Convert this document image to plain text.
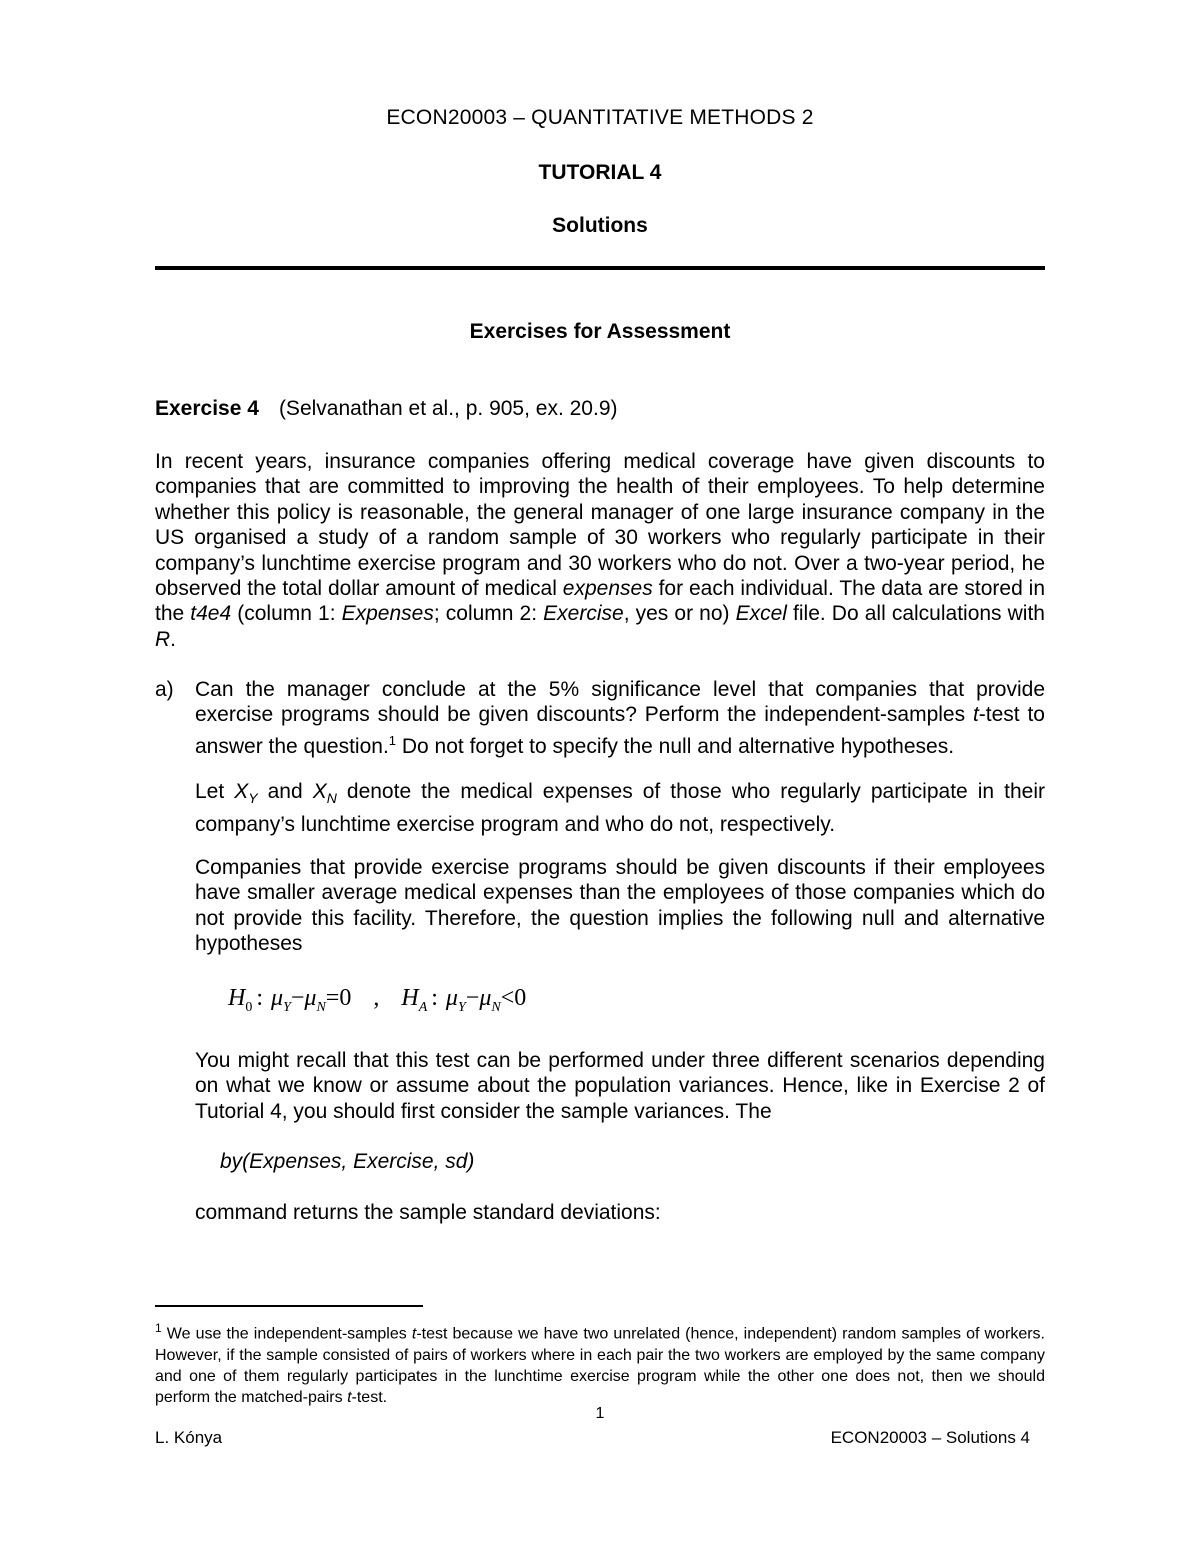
ECON20003 – QUANTITATIVE METHODS 2
TUTORIAL 4
Solutions
Exercises for Assessment
Exercise 4 (Selvanathan et al., p. 905, ex. 20.9)
In recent years, insurance companies offering medical coverage have given discounts to companies that are committed to improving the health of their employees. To help determine whether this policy is reasonable, the general manager of one large insurance company in the US organised a study of a random sample of 30 workers who regularly participate in their company’s lunchtime exercise program and 30 workers who do not. Over a two-year period, he observed the total dollar amount of medical expenses for each individual. The data are stored in the t4e4 (column 1: Expenses; column 2: Exercise, yes or no) Excel file. Do all calculations with R.
a) Can the manager conclude at the 5% significance level that companies that provide exercise programs should be given discounts? Perform the independent-samples t-test to answer the question.$^1$ Do not forget to specify the null and alternative hypotheses.
Let $X_Y$ and $X_N$ denote the medical expenses of those who regularly participate in their company’s lunchtime exercise program and who do not, respectively.
Companies that provide exercise programs should be given discounts if their employees have smaller average medical expenses than the employees of those companies which do not provide this facility. Therefore, the question implies the following null and alternative hypotheses
$H_0$ : $\mu_Y-\mu_N=0$ , $H_A$ : $\mu_Y-\mu_N<0$
You might recall that this test can be performed under three different scenarios depending on what we know or assume about the population variances. Hence, like in Exercise 2 of Tutorial 4, you should first consider the sample variances. The
by(Expenses, Exercise, sd)
command returns the sample standard deviations:
$^1$ We use the independent-samples t-test because we have two unrelated (hence, independent) random samples of workers. However, if the sample consisted of pairs of workers where in each pair the two workers are employed by the same company and one of them regularly participates in the lunchtime exercise program while the other one does not, then we should perform the matched-pairs t-test.
1
L. Kónya	ECON20003 – Solutions 4
